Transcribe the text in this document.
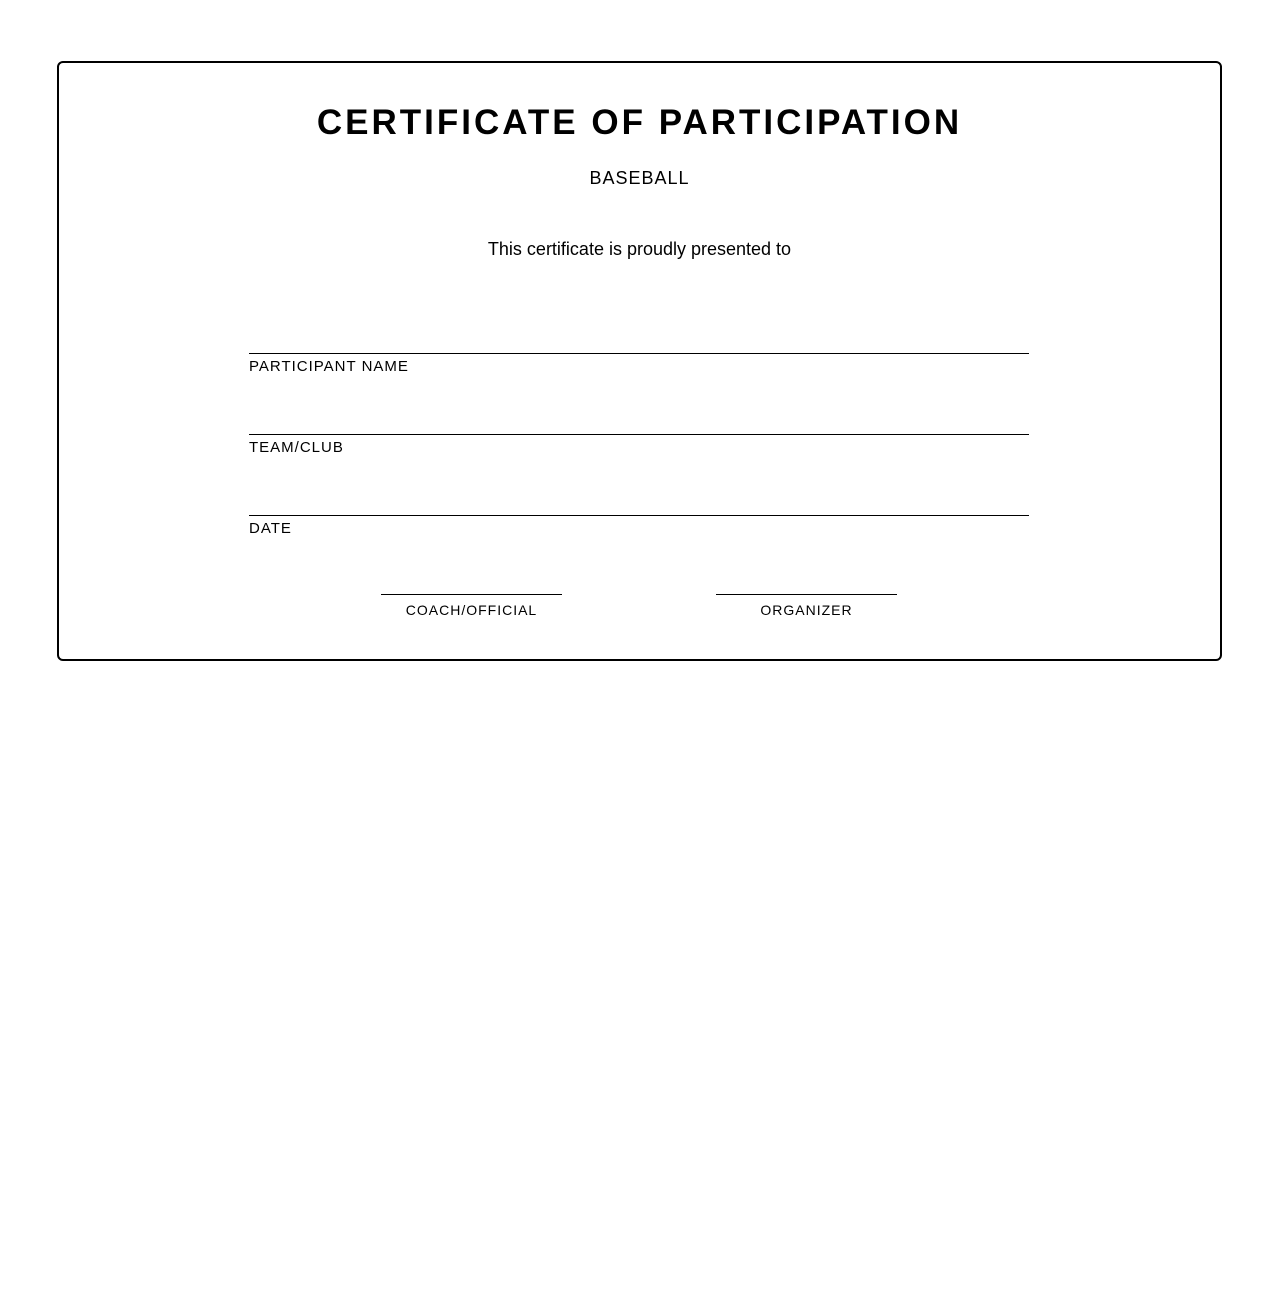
CERTIFICATE OF PARTICIPATION
BASEBALL
This certificate is proudly presented to
PARTICIPANT NAME
TEAM/CLUB
DATE
COACH/OFFICIAL	ORGANIZER
